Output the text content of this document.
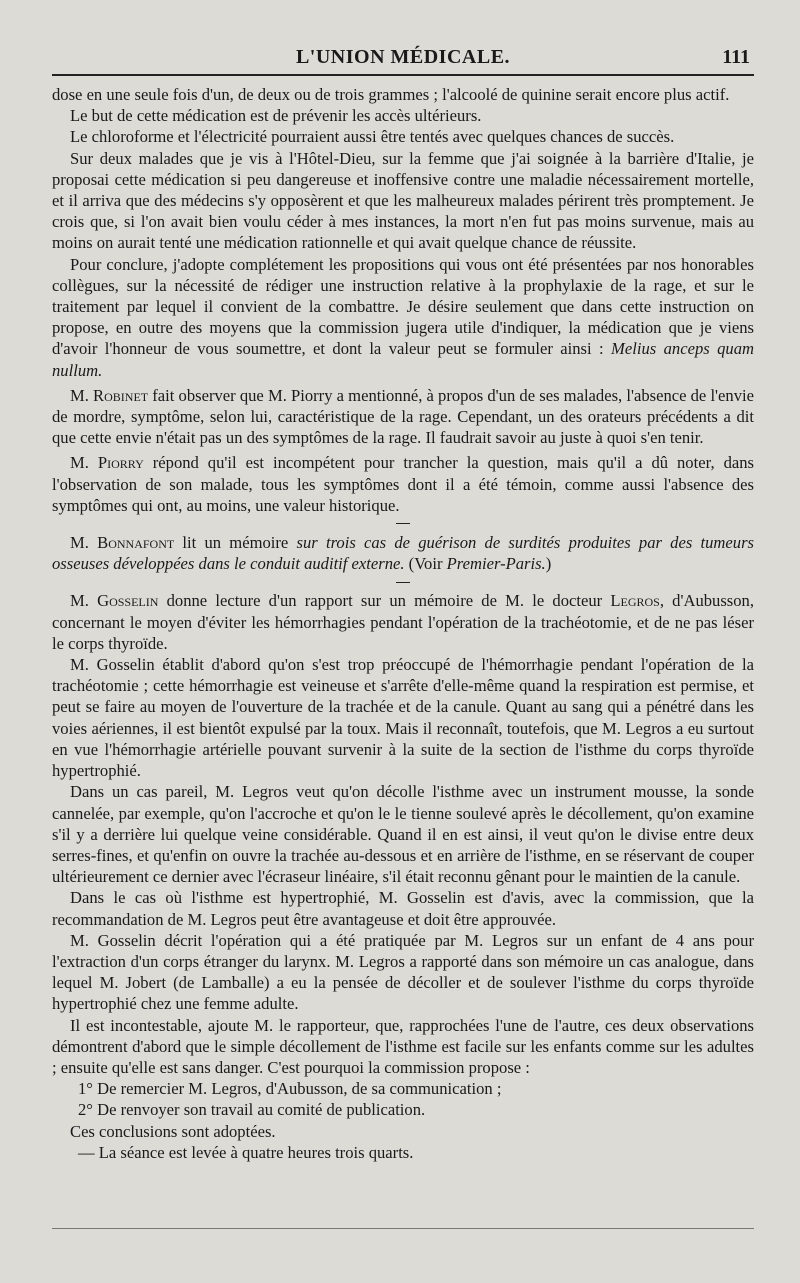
L'UNION MÉDICALE.	111

dose en une seule fois d'un, de deux ou de trois grammes ; l'alcoolé de quinine serait encore plus actif.

Le but de cette médication est de prévenir les accès ultérieurs.

Le chloroforme et l'électricité pourraient aussi être tentés avec quelques chances de succès.

Sur deux malades que je vis à l'Hôtel-Dieu, sur la femme que j'ai soignée à la barrière d'Italie, je proposai cette médication si peu dangereuse et inoffensive contre une maladie nécessairement mortelle, et il arriva que des médecins s'y opposèrent et que les malheureux malades périrent très promptement. Je crois que, si l'on avait bien voulu céder à mes instances, la mort n'en fut pas moins survenue, mais au moins on aurait tenté une médication rationnelle et qui avait quelque chance de réussite.

Pour conclure, j'adopte complétement les propositions qui vous ont été présentées par nos honorables collègues, sur la nécessité de rédiger une instruction relative à la prophylaxie de la rage, et sur le traitement par lequel il convient de la combattre. Je désire seulement que dans cette instruction on propose, en outre des moyens que la commission jugera utile d'indiquer, la médication que je viens d'avoir l'honneur de vous soumettre, et dont la valeur peut se formuler ainsi : Melius anceps quam nullum.

M. Robinet fait observer que M. Piorry a mentionné, à propos d'un de ses malades, l'absence de l'envie de mordre, symptôme, selon lui, caractéristique de la rage. Cependant, un des orateurs précédents a dit que cette envie n'était pas un des symptômes de la rage. Il faudrait savoir au juste à quoi s'en tenir.

M. Piorry répond qu'il est incompétent pour trancher la question, mais qu'il a dû noter, dans l'observation de son malade, tous les symptômes dont il a été témoin, comme aussi l'absence des symptômes qui ont, au moins, une valeur historique.

M. Bonnafont lit un mémoire sur trois cas de guérison de surdités produites par des tumeurs osseuses développées dans le conduit auditif externe. (Voir Premier-Paris.)

M. Gosselin donne lecture d'un rapport sur un mémoire de M. le docteur Legros, d'Aubusson, concernant le moyen d'éviter les hémorrhagies pendant l'opération de la trachéotomie, et de ne pas léser le corps thyroïde.

M. Gosselin établit d'abord qu'on s'est trop préoccupé de l'hémorrhagie pendant l'opération de la trachéotomie ; cette hémorrhagie est veineuse et s'arrête d'elle-même quand la respiration est permise, et peut se faire au moyen de l'ouverture de la trachée et de la canule. Quant au sang qui a pénétré dans les voies aériennes, il est bientôt expulsé par la toux. Mais il reconnaît, toutefois, que M. Legros a eu surtout en vue l'hémorrhagie artérielle pouvant survenir à la suite de la section de l'isthme du corps thyroïde hypertrophié.

Dans un cas pareil, M. Legros veut qu'on décolle l'isthme avec un instrument mousse, la sonde cannelée, par exemple, qu'on l'accroche et qu'on le le tienne soulevé après le décollement, qu'on examine s'il y a derrière lui quelque veine considérable. Quand il en est ainsi, il veut qu'on le divise entre deux serres-fines, et qu'enfin on ouvre la trachée au-dessous et en arrière de l'isthme, en se réservant de couper ultérieurement ce dernier avec l'écraseur linéaire, s'il était reconnu gênant pour le maintien de la canule.

Dans le cas où l'isthme est hypertrophié, M. Gosselin est d'avis, avec la commission, que la recommandation de M. Legros peut être avantageuse et doit être approuvée.

M. Gosselin décrit l'opération qui a été pratiquée par M. Legros sur un enfant de 4 ans pour l'extraction d'un corps étranger du larynx. M. Legros a rapporté dans son mémoire un cas analogue, dans lequel M. Jobert (de Lamballe) a eu la pensée de décoller et de soulever l'isthme du corps thyroïde hypertrophié chez une femme adulte.

Il est incontestable, ajoute M. le rapporteur, que, rapprochées l'une de l'autre, ces deux observations démontrent d'abord que le simple décollement de l'isthme est facile sur les enfants comme sur les adultes ; ensuite qu'elle est sans danger. C'est pourquoi la commission propose :

1° De remercier M. Legros, d'Aubusson, de sa communication ;

2° De renvoyer son travail au comité de publication.

Ces conclusions sont adoptées.

— La séance est levée à quatre heures trois quarts.
